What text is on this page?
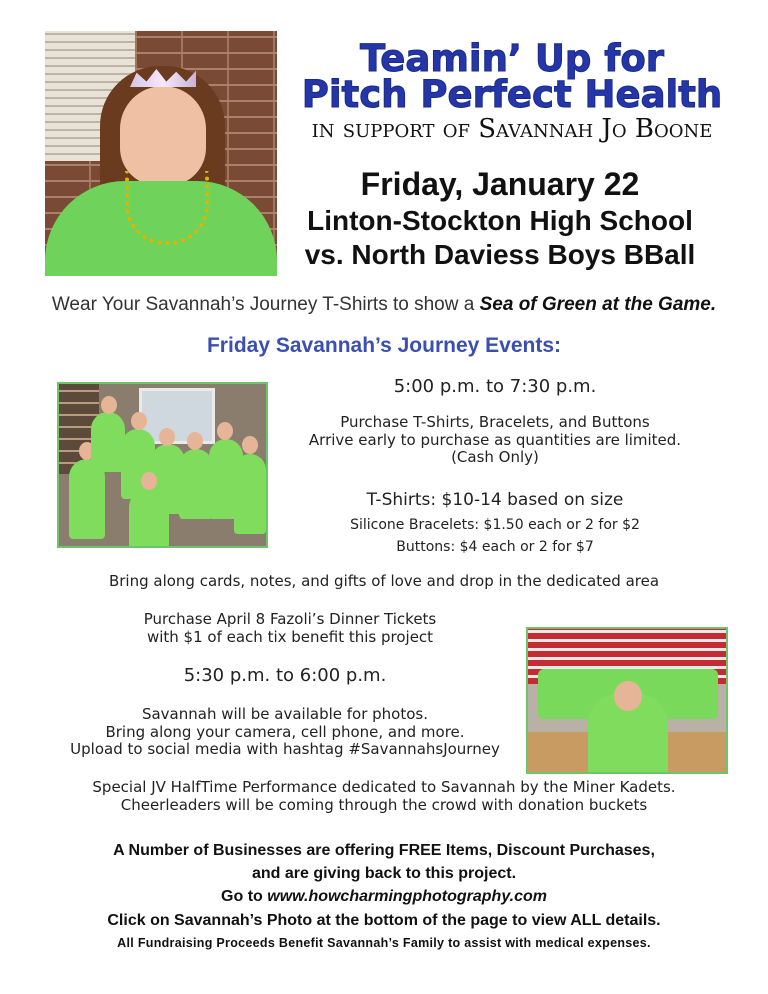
Teamin’ Up for
Pitch Perfect Health
in support of Savannah Jo Boone
Friday, January 22
Linton-Stockton High School
vs. North Daviess Boys BBall
Wear Your Savannah’s Journey T-Shirts to show a Sea of Green at the Game.
Friday Savannah’s Journey Events:
5:00 p.m. to 7:30 p.m.
Purchase T-Shirts, Bracelets, and Buttons
Arrive early to purchase as quantities are limited.
(Cash Only)
T-Shirts: $10-14 based on size
Silicone Bracelets: $1.50 each or 2 for $2
Buttons: $4 each or 2 for $7
Bring along cards, notes, and gifts of love and drop in the dedicated area
Purchase April 8 Fazoli’s Dinner Tickets
with $1 of each tix benefit this project
5:30 p.m. to 6:00 p.m.
Savannah will be available for photos.
Bring along your camera, cell phone, and more.
Upload to social media with hashtag #SavannahsJourney
Special JV HalfTime Performance dedicated to Savannah by the Miner Kadets.
Cheerleaders will be coming through the crowd with donation buckets
A Number of Businesses are offering FREE Items, Discount Purchases,
and are giving back to this project.
Go to www.howcharmingphotography.com
Click on Savannah’s Photo at the bottom of the page to view ALL details.
All Fundraising Proceeds Benefit Savannah’s Family to assist with medical expenses.
